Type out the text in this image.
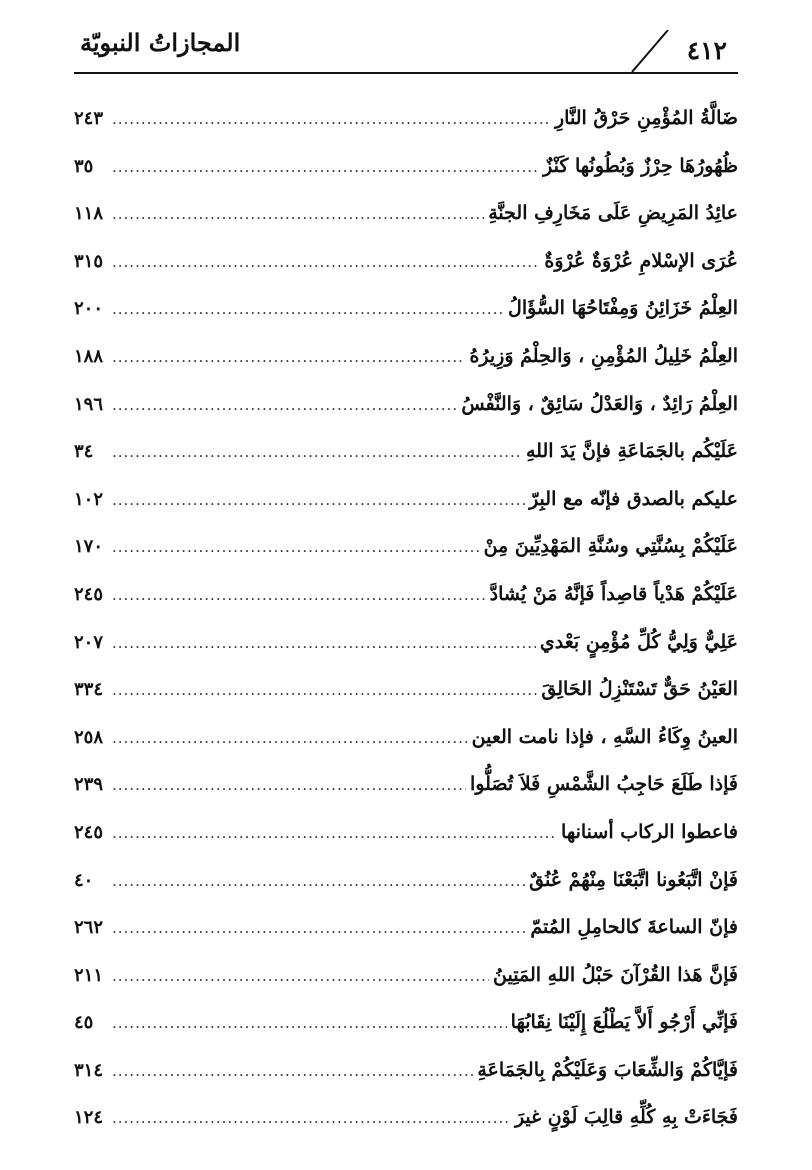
٤١٢
المجازاتُ النبويّة
ضَالَّةُ المُؤْمِنِ حَرْقُ النَّارِ
.....
٢٤٣
ظُهُورُهَا حِرْزٌ وَبُطُونُها كَنْزٌ
.....
٣٥
عائِدُ المَرِيضِ عَلَى مَخَارِفِ الجنَّةِ
.....
١١٨
عُرَى الإسْلامِ عُرْوَةٌ عُرْوَةٌ
.....
٣١٥
العِلْمُ خَزَائِنُ وَمِفْتَاحُهَا السُّؤَالُ
.....
٢٠٠
العِلْمُ خَلِيلُ المُؤْمِنِ ، وَالحِلْمُ وَزِيرُهُ
.....
١٨٨
العِلْمُ رَائِدٌ ، وَالعَدْلُ سَائِقٌ ، وَالنَّفْسُ
.....
١٩٦
عَلَيْكُم بالجَمَاعَةِ فإنَّ يَدَ اللهِ
.....
٣٤
عليكم بالصدق فإنّه مع البِرّ
.....
١٠٢
عَلَيْكُمْ بِسُنَّتِي وسُنَّةِ المَهْدِيِّينَ مِنْ
.....
١٧٠
عَلَيْكُمْ هَدْياً قاصِداً فَإنَّهُ مَنْ يُشادَّ
.....
٢٤٥
عَلِيٌّ وَلِيُّ كُلِّ مُؤْمِنٍ بَعْدي
.....
٢٠٧
العَيْنُ حَقٌّ تَسْتَنْزِلُ الحَالِقَ
.....
٣٣٤
العينُ وِكَاءُ السَّهِ ، فإذا نامت العين
.....
٢٥٨
فَإذا طَلَعَ حَاجِبُ الشَّمْسِ فَلاَ تُصَلُّوا
.....
٢٣٩
فاعطوا الركاب أسنانها
.....
٢٤٥
فَإنْ اتَّبَعُونا اتَّبَعْنَا مِنْهُمْ عُنُقٌ
.....
٤٠
فإنّ الساعةَ كالحامِلِ المُتمّ
.....
٢٦٢
فَإنَّ هَذا القُرْآنَ حَبْلُ اللهِ المَتِينُ
.....
٢١١
فَإنِّي أَرْجُو أَلاَّ يَطْلُعَ إِلَيْنَا نِقَابُهَا
.....
٤٥
فَإيَّاكُمْ وَالشِّعَابَ وَعَلَيْكُمْ بِالجَمَاعَةِ
.....
٣١٤
فَجَاءَتْ بِهِ كُلِّهِ قالِبَ لَوْنٍ غيرَ
.....
١٢٤
